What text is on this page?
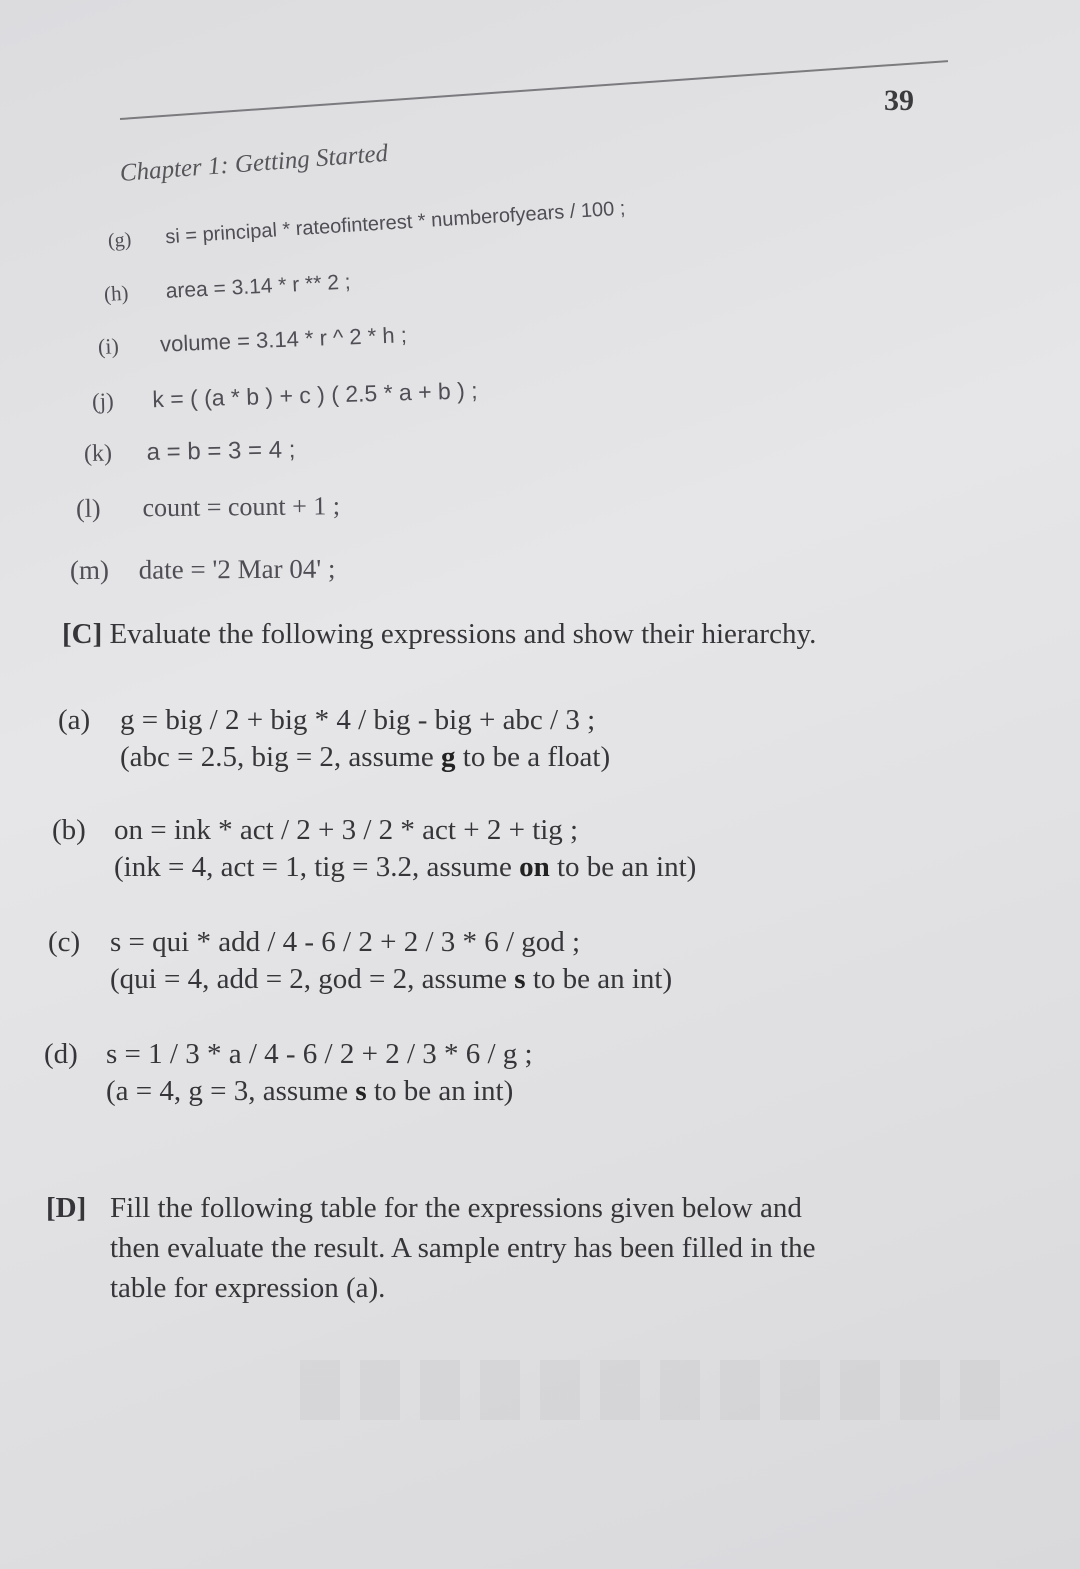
39
Chapter 1: Getting Started
(g) si = principal * rateofinterest * numberofyears / 100 ;
(h) area = 3.14 * r ** 2 ;
(i) volume = 3.14 * r ^ 2 * h ;
(j) k = ( (a * b ) + c ) ( 2.5 * a + b ) ;
(k) a = b = 3 = 4 ;
(l) count = count + 1 ;
(m) date = '2 Mar 04' ;
[C] Evaluate the following expressions and show their hierarchy.
(a) g = big / 2 + big * 4 / big - big + abc / 3 ;
(abc = 2.5, big = 2, assume g to be a float)
(b) on = ink * act / 2 + 3 / 2 * act + 2 + tig ;
(ink = 4, act = 1, tig = 3.2, assume on to be an int)
(c) s = qui * add / 4 - 6 / 2 + 2 / 3 * 6 / god ;
(qui = 4, add = 2, god = 2, assume s to be an int)
(d) s = 1 / 3 * a / 4 - 6 / 2 + 2 / 3 * 6 / g ;
(a = 4, g = 3, assume s to be an int)
[D] Fill the following table for the expressions given below and
then evaluate the result. A sample entry has been filled in the
table for expression (a).
